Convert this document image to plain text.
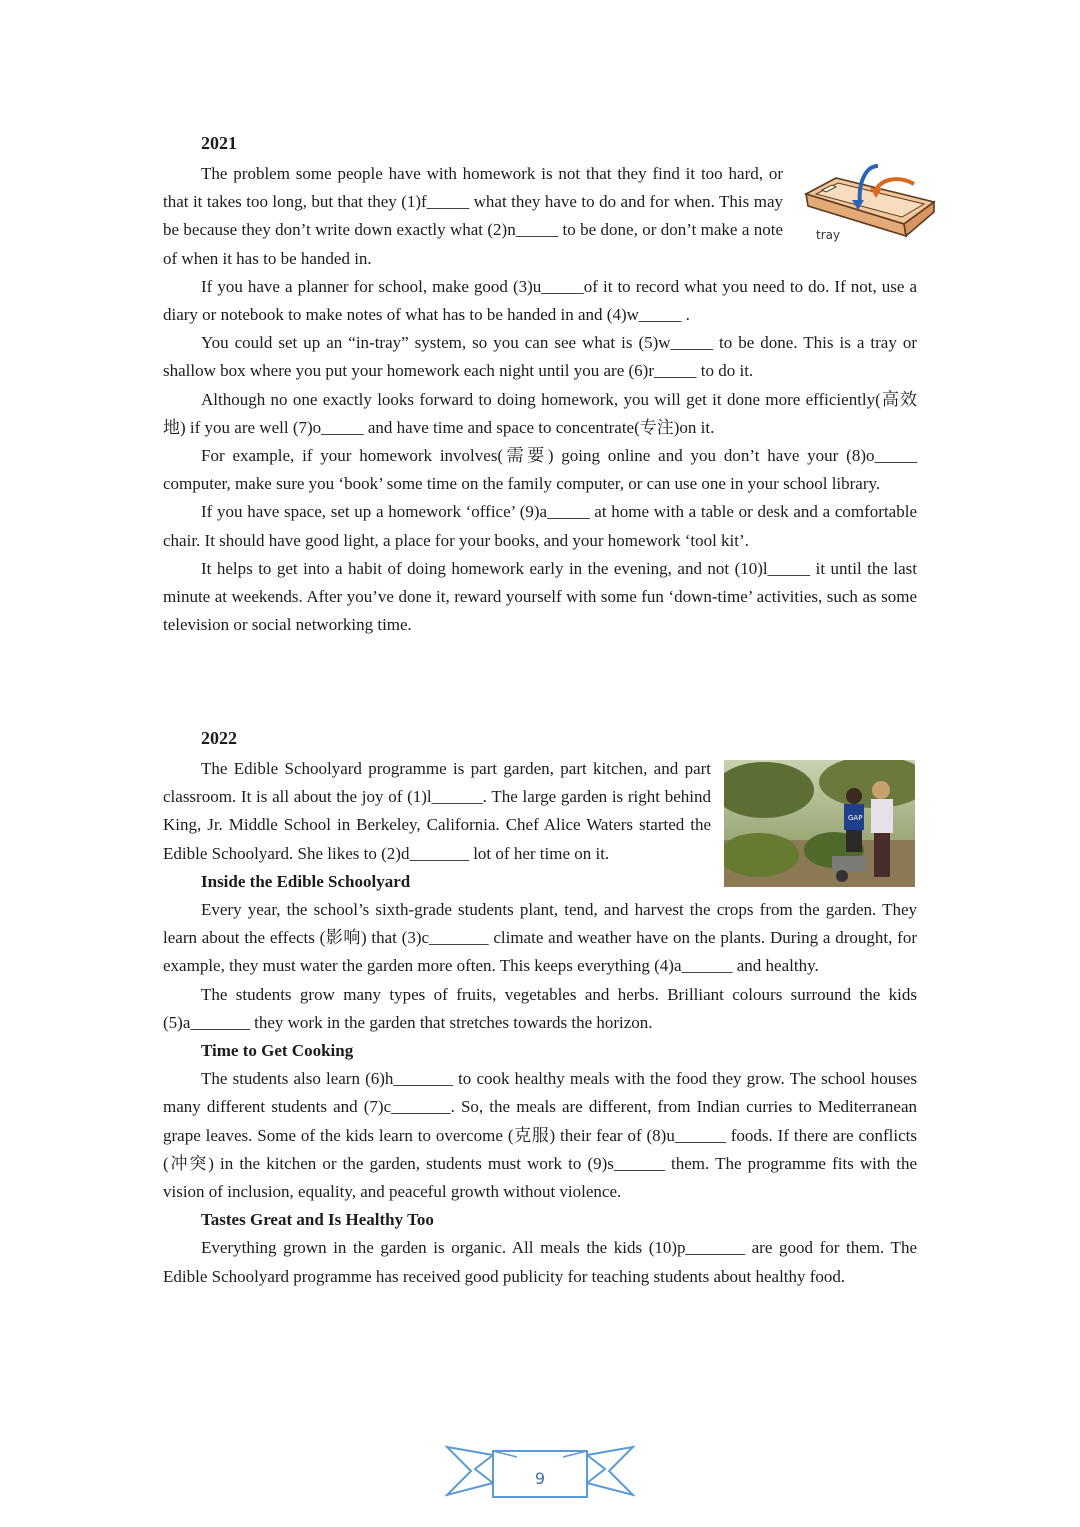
2021

The problem some people have with homework is not that they find it too hard, or that it takes too long, but that they (1)f_____ what they have to do and for when. This may be because they don’t write down exactly what (2)n_____ to be done, or don’t make a note of when it has to be handed in.

If you have a planner for school, make good (3)u_____of it to record what you need to do. If not, use a diary or notebook to make notes of what has to be handed in and (4)w_____ .

You could set up an “in-tray” system, so you can see what is (5)w_____ to be done. This is a tray or shallow box where you put your homework each night until you are (6)r_____ to do it.

Although no one exactly looks forward to doing homework, you will get it done more efficiently(高效地) if you are well (7)o_____ and have time and space to concentrate(专注)on it.

For example, if your homework involves(需要) going online and you don’t have your (8)o_____ computer, make sure you ‘book’ some time on the family computer, or can use one in your school library.

If you have space, set up a homework ‘office’ (9)a_____ at home with a table or desk and a comfortable chair. It should have good light, a place for your books, and your homework ‘tool kit’.

It helps to get into a habit of doing homework early in the evening, and not (10)l_____ it until the last minute at weekends. After you’ve done it, reward yourself with some fun ‘down-time’ activities, such as some television or social networking time.

tray
2022

The Edible Schoolyard programme is part garden, part kitchen, and part classroom. It is all about the joy of (1)l______. The large garden is right behind King, Jr. Middle School in Berkeley, California. Chef Alice Waters started the Edible Schoolyard. She likes to (2)d_______ lot of her time on it.

Inside the Edible Schoolyard

Every year, the school’s sixth-grade students plant, tend, and harvest the crops from the garden. They learn about the effects (影响) that (3)c_______ climate and weather have on the plants. During a drought, for example, they must water the garden more often. This keeps everything (4)a______ and healthy.

The students grow many types of fruits, vegetables and herbs. Brilliant colours surround the kids (5)a_______ they work in the garden that stretches towards the horizon.

Time to Get Cooking

The students also learn (6)h_______ to cook healthy meals with the food they grow. The school houses many different students and (7)c_______. So, the meals are different, from Indian curries to Mediterranean grape leaves. Some of the kids learn to overcome (克服) their fear of (8)u______ foods. If there are conflicts (冲突) in the kitchen or the garden, students must work to (9)s______ them. The programme fits with the vision of inclusion, equality, and peaceful growth without violence.

Tastes Great and Is Healthy Too

Everything grown in the garden is organic. All meals the kids (10)p_______ are good for them. The Edible Schoolyard programme has received good publicity for teaching students about healthy food.

GAP
9
